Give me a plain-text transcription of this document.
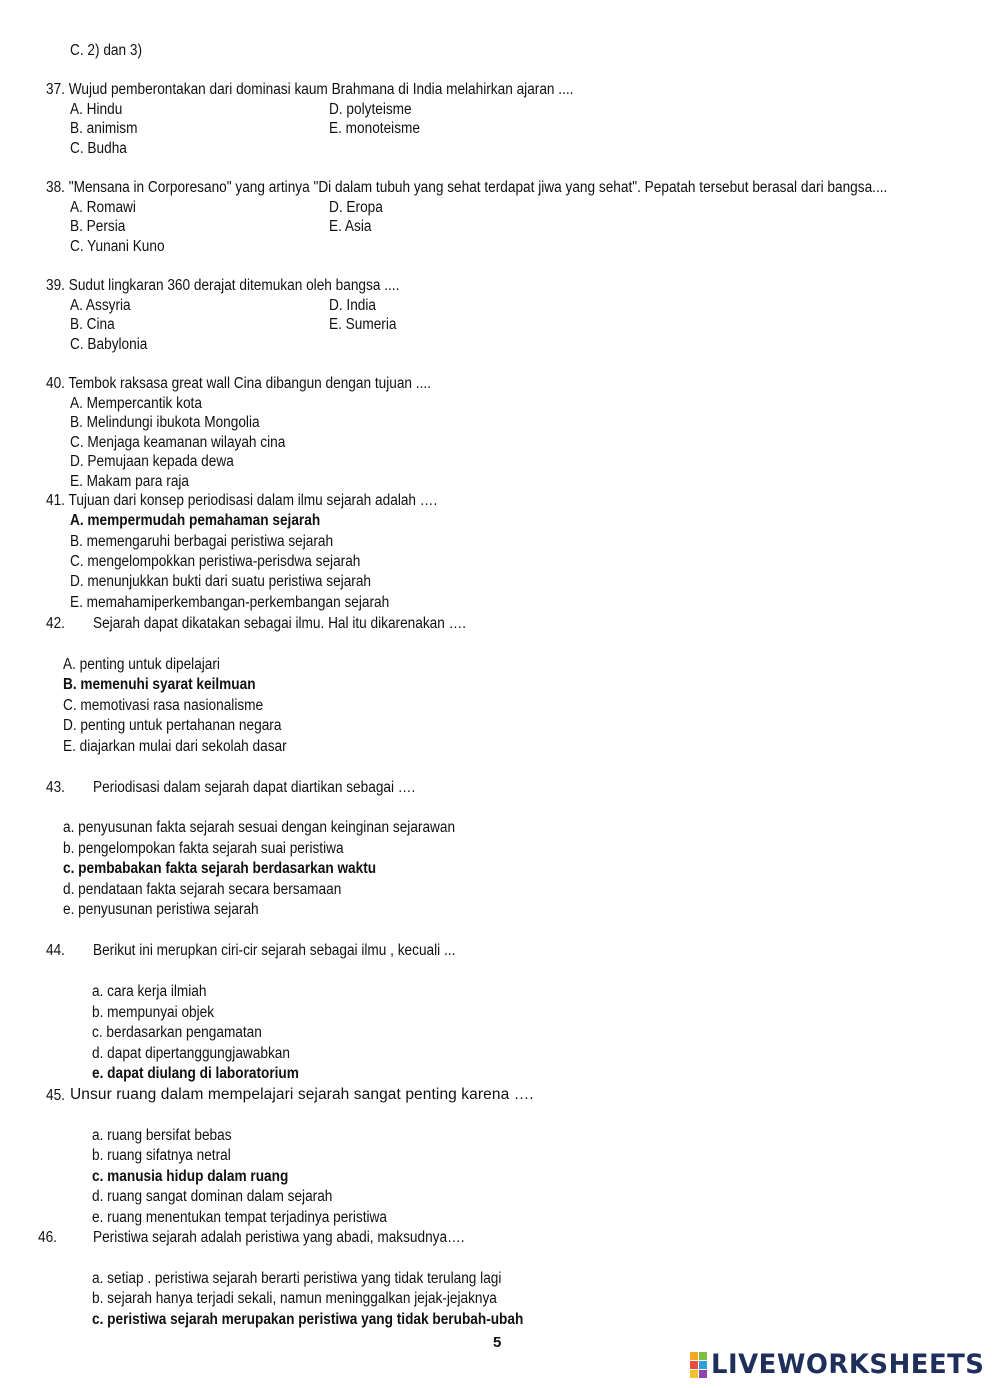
C. 2) dan 3)
37. Wujud pemberontakan dari dominasi kaum Brahmana di India melahirkan ajaran ....
A. Hindu	D. polyteisme
B. animism	E. monoteisme
C. Budha
38. "Mensana in Corporesano" yang artinya "Di dalam tubuh yang sehat terdapat jiwa yang sehat". Pepatah tersebut berasal dari bangsa....
A. Romawi	D. Eropa
B. Persia	E. Asia
C. Yunani Kuno
39. Sudut lingkaran 360 derajat ditemukan oleh bangsa ....
A. Assyria	D. India
B. Cina	E. Sumeria
C. Babylonia
40. Tembok raksasa great wall Cina dibangun dengan tujuan ....
A. Mempercantik kota
B. Melindungi ibukota Mongolia
C. Menjaga keamanan wilayah cina
D. Pemujaan kepada dewa
E. Makam para raja
41. Tujuan dari konsep periodisasi dalam ilmu sejarah adalah ….
A. mempermudah pemahaman sejarah
B. memengaruhi berbagai peristiwa sejarah
C. mengelompokkan peristiwa-perisdwa sejarah
D. menunjukkan bukti dari suatu peristiwa sejarah
E. memahamiperkembangan-perkembangan sejarah
42. Sejarah dapat dikatakan sebagai ilmu. Hal itu dikarenakan ….
A. penting untuk dipelajari
B. memenuhi syarat keilmuan
C. memotivasi rasa nasionalisme
D. penting untuk pertahanan negara
E. diajarkan mulai dari sekolah dasar
43. Periodisasi dalam sejarah dapat diartikan sebagai ….
a. penyusunan fakta sejarah sesuai dengan keinginan sejarawan
b. pengelompokan fakta sejarah suai peristiwa
c. pembabakan fakta sejarah berdasarkan waktu
d. pendataan fakta sejarah secara bersamaan
e. penyusunan peristiwa sejarah
44. Berikut ini merupkan ciri-cir sejarah sebagai ilmu , kecuali ...
a. cara kerja ilmiah
b. mempunyai objek
c. berdasarkan pengamatan
d. dapat dipertanggungjawabkan
e. dapat diulang di laboratorium
45. Unsur ruang dalam mempelajari sejarah sangat penting karena ….
a. ruang bersifat bebas
b. ruang sifatnya netral
c. manusia hidup dalam ruang
d. ruang sangat dominan dalam sejarah
e. ruang menentukan tempat terjadinya peristiwa
46. Peristiwa sejarah adalah peristiwa yang abadi, maksudnya….
a. setiap . peristiwa sejarah berarti peristiwa yang tidak terulang lagi
b. sejarah hanya terjadi sekali, namun meninggalkan jejak-jejaknya
c. peristiwa sejarah merupakan peristiwa yang tidak berubah-ubah
5
LIVEWORKSHEETS
